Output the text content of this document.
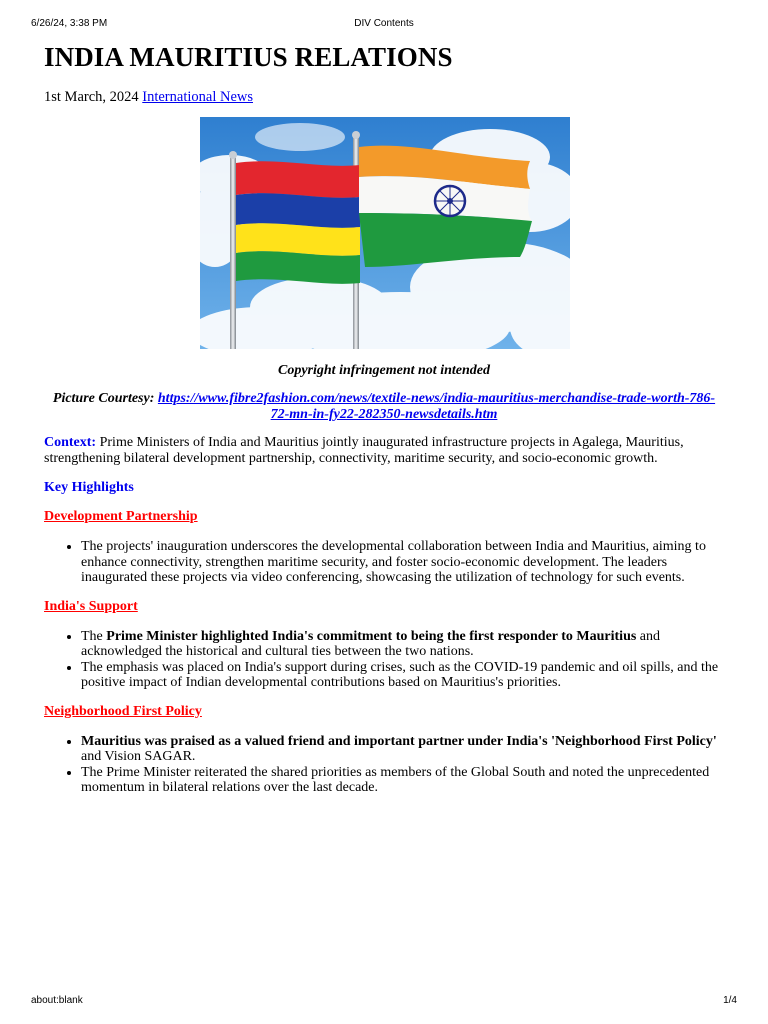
6/26/24, 3:38 PM	DIV Contents
INDIA MAURITIUS RELATIONS

1st March, 2024 International News

Copyright infringement not intended

Picture Courtesy: https://www.fibre2fashion.com/news/textile-news/india-mauritius-merchandise-trade-worth-786-72-mn-in-fy22-282350-newsdetails.htm

Context: Prime Ministers of India and Mauritius jointly inaugurated infrastructure projects in Agalega, Mauritius, strengthening bilateral development partnership, connectivity, maritime security, and socio-economic growth.

Key Highlights

Development Partnership

• The projects' inauguration underscores the developmental collaboration between India and Mauritius, aiming to enhance connectivity, strengthen maritime security, and foster socio-economic development. The leaders inaugurated these projects via video conferencing, showcasing the utilization of technology for such events.

India's Support

• The Prime Minister highlighted India's commitment to being the first responder to Mauritius and acknowledged the historical and cultural ties between the two nations.
• The emphasis was placed on India's support during crises, such as the COVID-19 pandemic and oil spills, and the positive impact of Indian developmental contributions based on Mauritius's priorities.

Neighborhood First Policy

• Mauritius was praised as a valued friend and important partner under India's 'Neighborhood First Policy' and Vision SAGAR.
• The Prime Minister reiterated the shared priorities as members of the Global South and noted the unprecedented momentum in bilateral relations over the last decade.
about:blank	1/4
